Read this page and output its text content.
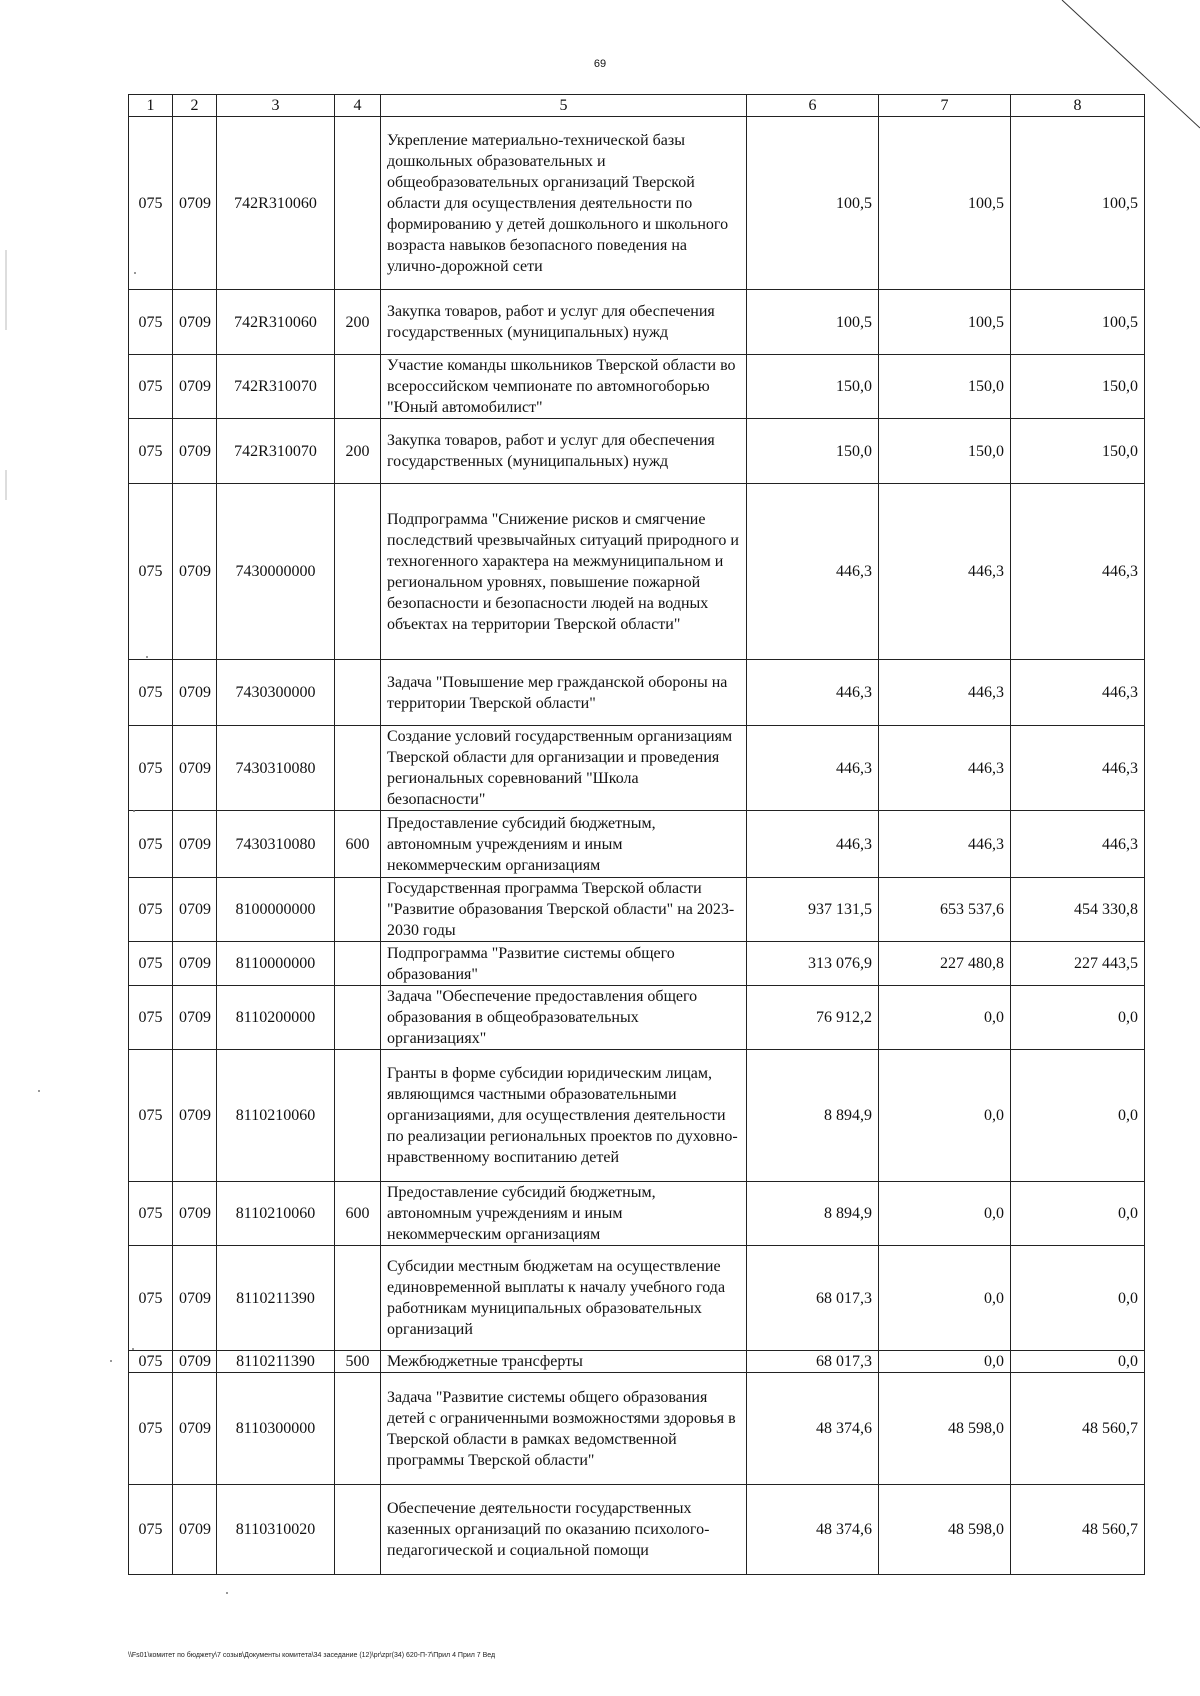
69
1	2	3	4	5	6	7	8
075	0709	742R310060		Укрепление материально-технической базы дошкольных образовательных и общеобразовательных организаций Тверской области для осуществления деятельности по формированию у детей дошкольного и школьного возраста навыков безопасного поведения на улично-дорожной сети	100,5	100,5	100,5
075	0709	742R310060	200	Закупка товаров, работ и услуг для обеспечения государственных (муниципальных) нужд	100,5	100,5	100,5
075	0709	742R310070		Участие команды школьников Тверской области во всероссийском чемпионате по автомногоборью "Юный автомобилист"	150,0	150,0	150,0
075	0709	742R310070	200	Закупка товаров, работ и услуг для обеспечения государственных (муниципальных) нужд	150,0	150,0	150,0
075	0709	7430000000		Подпрограмма "Снижение рисков и смягчение последствий чрезвычайных ситуаций природного и техногенного характера на межмуниципальном и региональном уровнях, повышение пожарной безопасности и безопасности людей на водных объектах на территории Тверской области"	446,3	446,3	446,3
075	0709	7430300000		Задача "Повышение мер гражданской обороны на территории Тверской области"	446,3	446,3	446,3
075	0709	7430310080		Создание условий государственным организациям Тверской области для организации и проведения региональных соревнований "Школа безопасности"	446,3	446,3	446,3
075	0709	7430310080	600	Предоставление субсидий бюджетным, автономным учреждениям и иным некоммерческим организациям	446,3	446,3	446,3
075	0709	8100000000		Государственная программа Тверской области "Развитие образования Тверской области" на 2023-2030 годы	937 131,5	653 537,6	454 330,8
075	0709	8110000000		Подпрограмма "Развитие системы общего образования"	313 076,9	227 480,8	227 443,5
075	0709	8110200000		Задача "Обеспечение предоставления общего образования в общеобразовательных организациях"	76 912,2	0,0	0,0
075	0709	8110210060		Гранты в форме субсидии юридическим лицам, являющимся частными образовательными организациями, для осуществления деятельности по реализации региональных проектов по духовно-нравственному воспитанию детей	8 894,9	0,0	0,0
075	0709	8110210060	600	Предоставление субсидий бюджетным, автономным учреждениям и иным некоммерческим организациям	8 894,9	0,0	0,0
075	0709	8110211390		Субсидии местным бюджетам на осуществление единовременной выплаты к началу учебного года работникам муниципальных образовательных организаций	68 017,3	0,0	0,0
075	0709	8110211390	500	Межбюджетные трансферты	68 017,3	0,0	0,0
075	0709	8110300000		Задача "Развитие системы общего образования детей с ограниченными возможностями здоровья в Тверской области в рамках ведомственной программы Тверской области"	48 374,6	48 598,0	48 560,7
075	0709	8110310020		Обеспечение деятельности государственных казенных организаций по оказанию психолого-педагогической и социальной помощи	48 374,6	48 598,0	48 560,7
\\Fs01\комитет по бюджету\7 созыв\Документы комитета\34 заседание (12)\pr\zpr(34) 620-П-7\Прил 4 Прил 7 Вед
